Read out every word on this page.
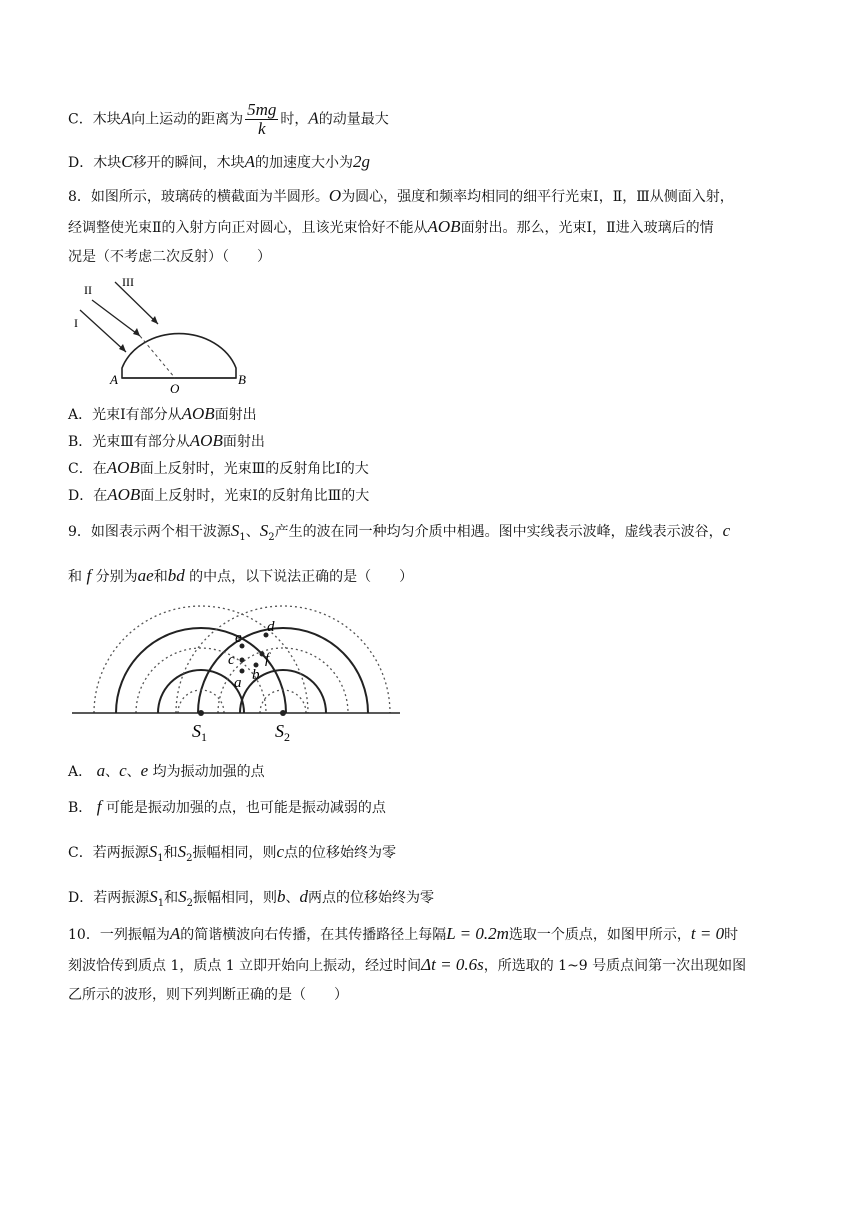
C．木块A向上运动的距离为 $\frac{5mg}{k}$ 时，A的动量最大
D．木块C移开的瞬间，木块A的加速度大小为2g
8．如图所示，玻璃砖的横截面为半圆形。O为圆心，强度和频率均相同的细平行光束Ⅰ，Ⅱ，Ⅲ从侧面入射，
经调整使光束Ⅱ的入射方向正对圆心，且该光束恰好不能从AOB面射出。那么，光束Ⅰ，Ⅱ进入玻璃后的情
况是（不考虑二次反射）（　　）
II
III
I
A
O
B
A．光束Ⅰ有部分从AOB面射出
B．光束Ⅲ有部分从AOB面射出
C．在AOB面上反射时，光束Ⅲ的反射角比Ⅰ的大
D．在AOB面上反射时，光束Ⅰ的反射角比Ⅲ的大
9．如图表示两个相干波源$S_1$、$S_2$产生的波在同一种均匀介质中相遇。图中实线表示波峰，虚线表示波谷，c
和 f 分别为ae和bd 的中点，以下说法正确的是（　　）
e
d
c f
b
a
$S_1$	$S_2$
A． a、c、e 均为振动加强的点
B． f 可能是振动加强的点，也可能是振动减弱的点
C．若两振源$S_1$和$S_2$振幅相同，则c点的位移始终为零
D．若两振源$S_1$和$S_2$振幅相同，则b、d两点的位移始终为零
10．一列振幅为A的简谐横波向右传播，在其传播路径上每隔L = 0.2m选取一个质点，如图甲所示，t = 0时
刻波恰传到质点 1，质点 1 立即开始向上振动，经过时间Δt = 0.6s，所选取的 1~9 号质点间第一次出现如图
乙所示的波形，则下列判断正确的是（　　）
